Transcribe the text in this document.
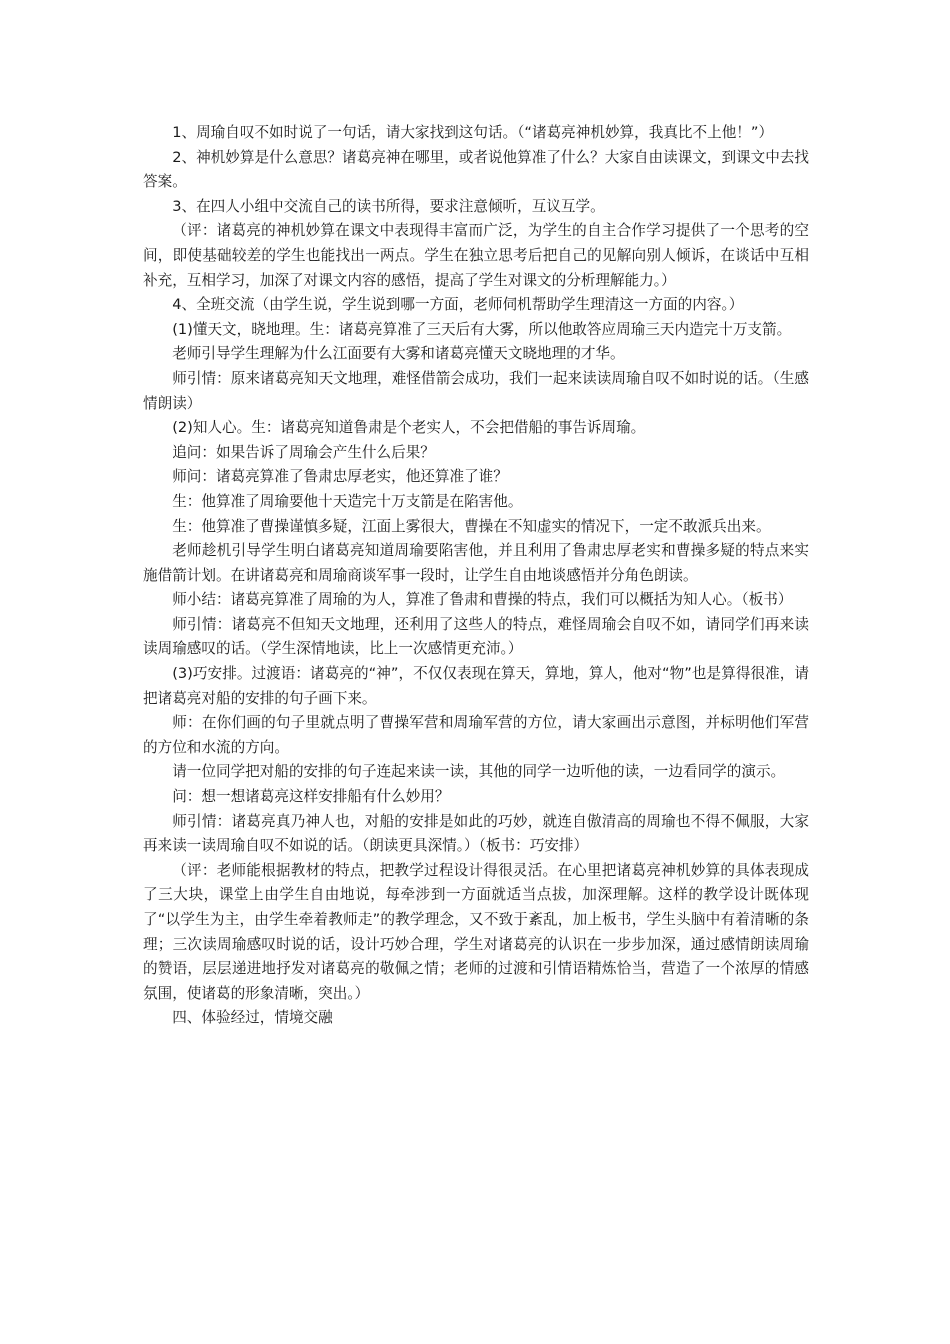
1、周瑜自叹不如时说了一句话，请大家找到这句话。（“诸葛亮神机妙算，我真比不上他！”）

2、神机妙算是什么意思？诸葛亮神在哪里，或者说他算准了什么？大家自由读课文，到课文中去找答案。

3、在四人小组中交流自己的读书所得，要求注意倾听，互议互学。

（评：诸葛亮的神机妙算在课文中表现得丰富而广泛，为学生的自主合作学习提供了一个思考的空间，即使基础较差的学生也能找出一两点。学生在独立思考后把自己的见解向别人倾诉，在谈话中互相补充，互相学习，加深了对课文内容的感悟，提高了学生对课文的分析理解能力。）

4、全班交流（由学生说，学生说到哪一方面，老师伺机帮助学生理清这一方面的内容。）

(1)懂天文，晓地理。生：诸葛亮算准了三天后有大雾，所以他敢答应周瑜三天内造完十万支箭。

老师引导学生理解为什么江面要有大雾和诸葛亮懂天文晓地理的才华。

师引情：原来诸葛亮知天文地理，难怪借箭会成功，我们一起来读读周瑜自叹不如时说的话。（生感情朗读）

(2)知人心。生：诸葛亮知道鲁肃是个老实人，不会把借船的事告诉周瑜。

追问：如果告诉了周瑜会产生什么后果？

师问：诸葛亮算准了鲁肃忠厚老实，他还算准了谁？

生：他算准了周瑜要他十天造完十万支箭是在陷害他。

生：他算准了曹操谨慎多疑，江面上雾很大，曹操在不知虚实的情况下，一定不敢派兵出来。

老师趁机引导学生明白诸葛亮知道周瑜要陷害他，并且利用了鲁肃忠厚老实和曹操多疑的特点来实施借箭计划。在讲诸葛亮和周瑜商谈军事一段时，让学生自由地谈感悟并分角色朗读。

师小结：诸葛亮算准了周瑜的为人，算准了鲁肃和曹操的特点，我们可以概括为知人心。（板书）

师引情：诸葛亮不但知天文地理，还利用了这些人的特点，难怪周瑜会自叹不如，请同学们再来读读周瑜感叹的话。（学生深情地读，比上一次感情更充沛。）

(3)巧安排。过渡语：诸葛亮的“神”，不仅仅表现在算天，算地，算人，他对“物”也是算得很准，请把诸葛亮对船的安排的句子画下来。

师：在你们画的句子里就点明了曹操军营和周瑜军营的方位，请大家画出示意图，并标明他们军营的方位和水流的方向。

请一位同学把对船的安排的句子连起来读一读，其他的同学一边听他的读，一边看同学的演示。

问：想一想诸葛亮这样安排船有什么妙用？

师引情：诸葛亮真乃神人也，对船的安排是如此的巧妙，就连自傲清高的周瑜也不得不佩服，大家再来读一读周瑜自叹不如说的话。（朗读更具深情。）（板书：巧安排）

（评：老师能根据教材的特点，把教学过程设计得很灵活。在心里把诸葛亮神机妙算的具体表现成了三大块，课堂上由学生自由地说，每牵涉到一方面就适当点拔，加深理解。这样的教学设计既体现了“以学生为主，由学生牵着教师走”的教学理念，又不致于紊乱，加上板书，学生头脑中有着清晰的条理；三次读周瑜感叹时说的话，设计巧妙合理，学生对诸葛亮的认识在一步步加深，通过感情朗读周瑜的赞语，层层递进地抒发对诸葛亮的敬佩之情；老师的过渡和引情语精炼恰当，营造了一个浓厚的情感氛围，使诸葛的形象清晰，突出。）

四、体验经过，情境交融
